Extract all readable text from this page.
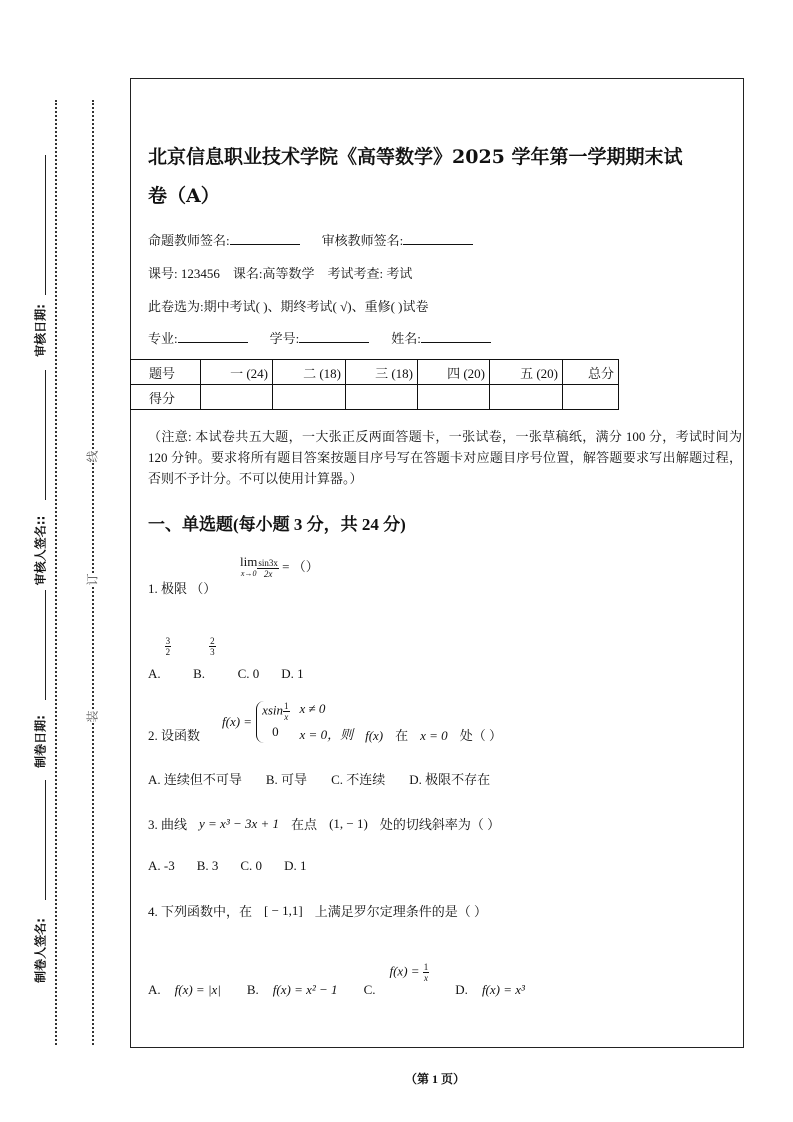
审核日期:
审核人签名::
制卷日期:
制卷人签名:
装
订
线
北京信息职业技术学院《高等数学》2025 学年第一学期期末试
卷（A）
命题教师签名:	审核教师签名:
课号: 123456　课名:高等数学　考试考查: 考试
此卷选为:期中考试( )、期终考试( √)、重修( )试卷
专业:	学号:	姓名:
题号	一 (24)	二 (18)	三 (18)	四 (20)	五 (20)	总分
得分						
（注意: 本试卷共五大题，一大张正反两面答题卡，一张试卷，一张草稿纸，满分 100 分，考试时间为 120 分钟。要求将所有题目答案按题目序号写在答题卡对应题目序号位置，解答题要求写出解题过程，否则不予计分。不可以使用计算器。）
一、单选题(每小题 3 分，共 24 分)
1. 极限 （）
lim
$x\to 0 \frac{\sin 3x}{2x}$ = （）
A.
$\frac{3}{2}$
B.
$\frac{2}{3}$
C. 0 D. 1
2. 设函数
f(x) =
xsin $\frac{1}{x}$ x ≠ 0
0	x = 0，则 f(x) 在 x = 0 处（ ）
A. 连续但不可导 B. 可导 C. 不连续 D. 极限不存在
3. 曲线 y = x³ − 3x + 1 在点 (1, − 1) 处的切线斜率为（ ）
A. -3 B. 3 C. 0 D. 1
4. 下列函数中，在 [ − 1,1] 上满足罗尔定理条件的是（ ）
A. f(x) = |x| B. f(x) = x² − 1 C.
$f(x) = \frac{1}{x}$
D. f(x) = x³
（第 1 页）
